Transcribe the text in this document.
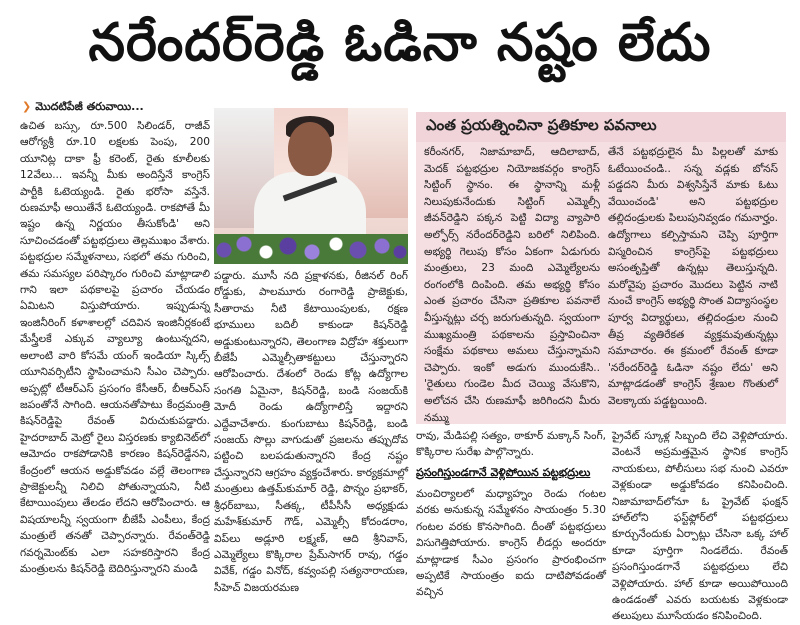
నరేందర్‌రెడ్డి ఓడినా నష్టం లేదు
❯ మొదటిపేజీ తరువాయి...

ఉచిత బస్సు, రూ.500 సిలిండర్, రాజీవ్ ఆరోగ్యశ్రీ రూ.10 లక్షలకు పెంపు, 200 యూనిట్ల దాకా ఫ్రీ కరెంట్, రైతు కూలీలకు 12వేలు... ఇవన్నీ మీకు అందిస్తేనే కాంగ్రెస్ పార్టీకి ఓటెయ్యండి. రైతు భరోసా వస్తేనే. రుణమాఫీ అయితేనే ఓటెయ్యండి. రాకపోతే మీ ఇష్టం ఉన్న నిర్ణయం తీసుకోండి' అని సూచించడంతో పట్టభద్రులు తెల్లముఖం వేశారు. పట్టభద్రుల సమ్మేళనాలు, సభలో తమ గురించి, తమ సమస్యల పరిష్కారం గురించి మాట్లాడాలి గాని ఇలా పథకాలపై ప్రచారం చేయడం ఏమిటని విస్తుపోయారు. ఇప్పుడున్న ఇంజినీరింగ్ కళాశాలల్లో చదివిన ఇంజినీర్లకంటే మేస్త్రీలకే ఎక్కువ వ్యాల్యూ ఉంటున్నదని, అలాంటి వారి కోసమే యంగ్ ఇండియా స్కిల్స్ యూనివర్సిటీని స్థాపించామని సీఎం చెప్పారు. అప్పట్లో టీఆర్ఎస్ ప్రసంగం కేసీఆర్, బీఆర్ఎస్ జపంతోనే సాగింది. ఆయనతోపాటు కేంద్రమంత్రి కిషన్‌రెడ్డిపై రేవంత్ విరుచుకుపడ్డారు. హైదరాబాద్ మెట్రో రైలు విస్తరణకు క్యాబినెట్‌లో ఆమోదం రాకపోడానికి కారణం కిషన్‌రెడ్డేనని, కేంద్రంలో ఆయన అడ్డుకోవడం వల్లే తెలంగాణ ప్రాజెక్టులన్నీ నిలిచి పోతున్నాయని, నీటి కేటాయింపులు తేలడం లేదని ఆరోపించారు. ఆ విషయాలన్నీ స్వయంగా బీజేపీ ఎంపీలు, కేంద్ర మంత్రులే తనతో చెప్పారన్నారు. రేవంత్‌రెడ్డి గవర్నమెంట్‌కు ఎలా సహకరిస్తారని కేంద్ర మంత్రులను కిషన్‌రెడ్డి బెదిరిస్తున్నారని మండి

పడ్డారు. మూసీ నది ప్రక్షాళనకు, రీజినల్ రింగ్ రోడ్డుకు, పాలమూరు రంగారెడ్డి ప్రాజెక్టుకు, సీతారామ నీటి కేటాయింపులకు, రక్షణ భూములు బదిలీ కాకుండా కిషన్‌రెడ్డి అడ్డుకుంటున్నారని, తెలంగాణ విద్రోహ శక్తులుగా బీజేపీ ఎమ్మెల్సీతాకట్టులు చేస్తున్నారని ఆరోపించారు. దేశంలో రెండు కోట్ల ఉద్యోగాల సంగతి ఏమైనా, కిషన్‌రెడ్డి, బండి సంజయ్‌కి మోదీ రెండు ఉద్యోగాలిస్తే ఇద్దారని ఎద్దేవాచేశారు. కుంగుబాటు కిషన్‌రెడ్డి, బండి సంజయ్ సొల్లు వాగుడుతో ప్రజలను తప్పుదోవ పట్టించి బలపడుతున్నారని కేంద్ర నష్టం చేస్తున్నారని ఆగ్రహం వ్యక్తంచేశారు. కార్యక్రమాల్లో మంత్రులు ఉత్తమ్‌కుమార్ రెడ్డి, పొన్నం ప్రభాకర్, శ్రీధర్‌బాబు, సీతక్క, టీపీసీసీ అధ్యక్షుడు మహేశ్‌కుమార్ గౌడ్, ఎమ్మెల్సీ కోదండరాం, విప్‌లు అడ్లూరి లక్ష్మణ్, ఆది శ్రీనివాస్, ఎమ్మెల్యేలు కొక్కిరాల ప్రేమ్‌సాగర్ రావు, గడ్డం వివేక్, గడ్డం వినోద్, కవ్వంపల్లి సత్యనారాయణ, సీహెచ్ విజయరమణ

ఎంత ప్రయత్నించినా ప్రతికూల పవనాలు

కరీంనగర్, నిజామాబాద్, ఆదిలాబాద్, మెదక్ పట్టభద్రుల నియోజకవర్గం కాంగ్రెస్ సిట్టింగ్ స్థానం. ఈ స్థానాన్ని మళ్లీ నిలుపుకునేందుకు సిట్టింగ్ ఎమ్మెల్సీ జీవన్‌రెడ్డిని పక్కన పెట్టి విద్యా వ్యాపారి అల్ఫోర్స్ నరేందర్‌రెడ్డిని బరిలో నిలిపింది. అభ్యర్థి గెలుపు కోసం ఏకంగా ఏడుగురు మంత్రులు, 23 మంది ఎమ్మెల్యేలను రంగంలోకి దింపింది. తమ అభ్యర్థి కోసం ఎంత ప్రచారం చేసినా ప్రతికూల పవనాలే వీస్తున్నట్లు చర్చ జరుగుతున్నది. స్వయంగా ముఖ్యమంత్రి పథకాలను ప్రస్తావించినా సంక్షేమ పథకాలు అమలు చేస్తున్నామని చెప్పారు. ఇంకో అడుగు ముందుకేసి.. 'రైతులు గుండెల మీద చెయ్యి వేసుకొని, అలోచన చేసి రుణమాఫీ జరిగిందని మీరు నమ్ము

తేనే పట్టభద్రులైన మీ పిల్లలతో మాకు ఓటేయించండి.. సన్న వడ్లకు బోనస్ పడ్డదని మీరు విశ్వసిస్తేనే మాకు ఓటు వేయించండి' అని పట్టభద్రుల తల్లిదండ్రులకు పిలుపునివ్వడం గమనార్హం. ఉద్యోగాలు కల్పిస్తామని చెప్పి పూర్తిగా విస్మరించిన కాంగ్రెస్‌పై పట్టభద్రులు అసంతృప్తితో ఉన్నట్లు తెలుస్తున్నది. మరోవైపు ప్రచారం మొదలు పెట్టిన నాటి నుంచే కాంగ్రెస్ అభ్యర్థి సొంత విద్యాసంస్థల పూర్వ విద్యార్థులు, తల్లిదండ్రుల నుంచి తీవ్ర వ్యతిరేకత వ్యక్తమవుతున్నట్లు సమాచారం. ఈ క్రమంలో రేవంత్ కూడా 'నరేందర్‌రెడ్డి ఓడినా నష్టం లేదు' అని మాట్లాడడంతో కాంగ్రెస్ శ్రేణుల గొంతులో వెలక్కాయ పడ్డట్టయింది.

రావు, మేడిపల్లి సత్యం, ఠాకూర్ మక్కాన్ సింగ్, కొక్కిరాల సురేఖ పాల్గొన్నారు.

ప్రసంగిస్తుండగానే వెళ్లిపోయిన పట్టభద్రులు

మంచిర్యాలలో మధ్యాహ్నం రెండు గంటల వరకు అనుకున్న సమ్మేళనం సాయంత్రం 5.30 గంటల వరకు కొనసాగింది. దీంతో పట్టభద్రులు విసుగెత్తిపోయారు. కాంగ్రెస్ లీడర్లు అందరూ మాట్లాడాక సీఎం ప్రసంగం ప్రారంభించగా అప్పటికే సాయంత్రం ఐదు దాటిపోవడంతో వచ్చిన

ప్రైవేట్ స్కూళ్ల సిబ్బంది లేచి వెళ్లిపోయారు. వెంటనే అప్రమత్తమైన స్థానిక కాంగ్రెస్ నాయకులు, పోలీసులు సభ నుంచి ఎవరూ వెళ్లకుండా అడ్డుకోవడం కనిపించింది. నిజామాబాద్‌లోనూ ఓ ప్రైవేట్ ఫంక్షన్ హాల్‌లోని ఫస్ట్‌ఫ్లోర్‌లో పట్టభద్రులు కూర్చునేందుకు ఏర్పాట్లు చేసినా ఒక్క హాల్ కూడా పూర్తిగా నిండలేదు. రేవంత్ ప్రసంగిస్తుండగానే పట్టభద్రులు లేచి వెళ్లిపోయారు. హాల్ కూడా అయిపోయింది ఉండడంతో ఎవరు బయటకు వెళ్లకుండా తలుపులు మూసేయడం కనిపించింది.
